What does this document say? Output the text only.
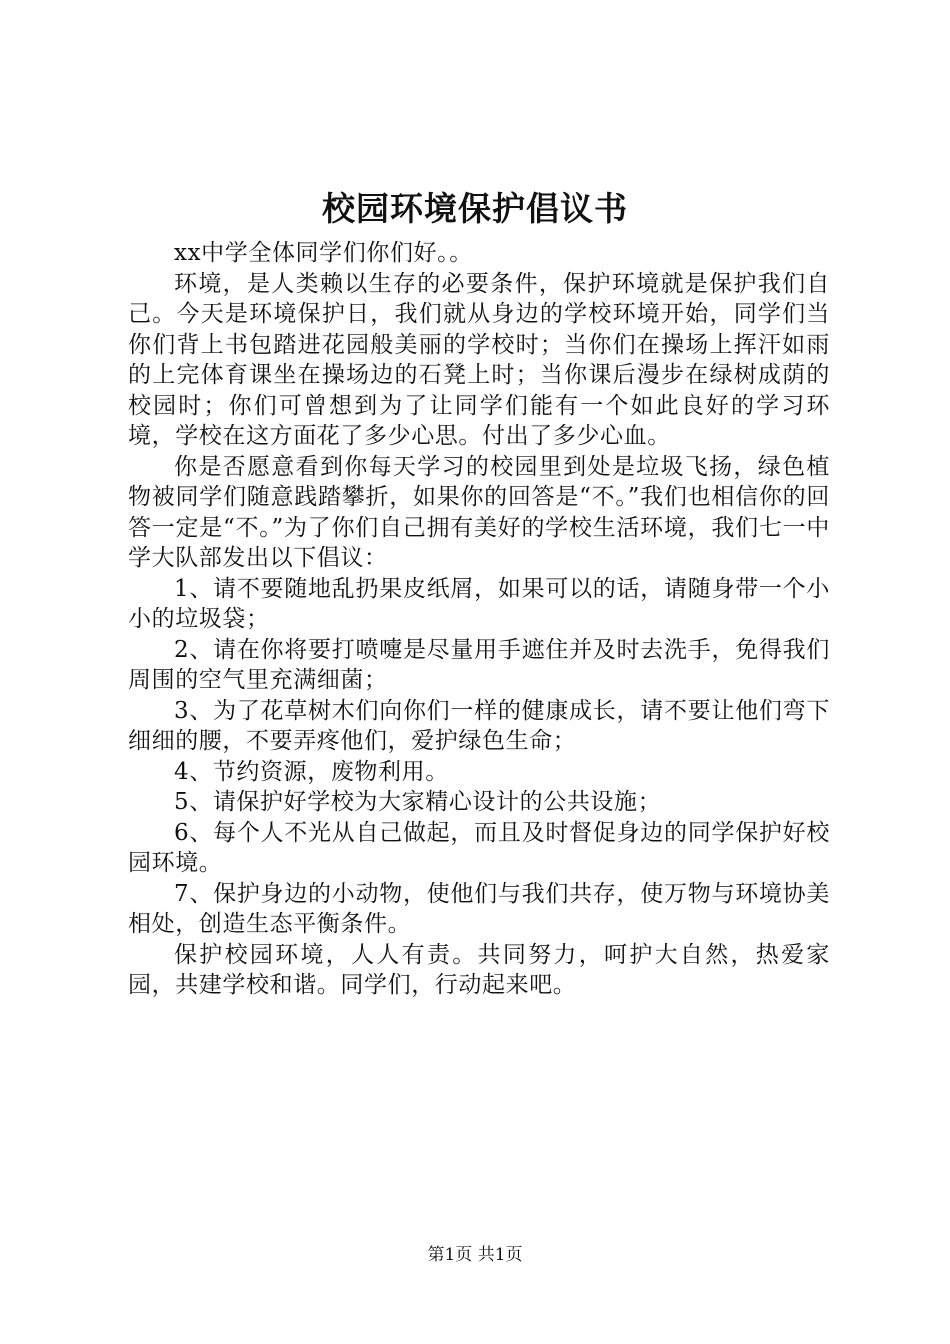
校园环境保护倡议书

xx中学全体同学们你们好。。

环境，是人类赖以生存的必要条件，保护环境就是保护我们自己。今天是环境保护日，我们就从身边的学校环境开始，同学们当你们背上书包踏进花园般美丽的学校时；当你们在操场上挥汗如雨的上完体育课坐在操场边的石凳上时；当你课后漫步在绿树成荫的校园时；你们可曾想到为了让同学们能有一个如此良好的学习环境，学校在这方面花了多少心思。付出了多少心血。

你是否愿意看到你每天学习的校园里到处是垃圾飞扬，绿色植物被同学们随意践踏攀折，如果你的回答是“不。”我们也相信你的回答一定是“不。”为了你们自己拥有美好的学校生活环境，我们七一中学大队部发出以下倡议：

1、请不要随地乱扔果皮纸屑，如果可以的话，请随身带一个小小的垃圾袋；

2、请在你将要打喷嚏是尽量用手遮住并及时去洗手，免得我们周围的空气里充满细菌；

3、为了花草树木们向你们一样的健康成长，请不要让他们弯下细细的腰，不要弄疼他们，爱护绿色生命；

4、节约资源，废物利用。

5、请保护好学校为大家精心设计的公共设施；

6、每个人不光从自己做起，而且及时督促身边的同学保护好校园环境。

7、保护身边的小动物，使他们与我们共存，使万物与环境协美相处，创造生态平衡条件。

保护校园环境，人人有责。共同努力，呵护大自然，热爱家园，共建学校和谐。同学们，行动起来吧。

第1页 共1页
